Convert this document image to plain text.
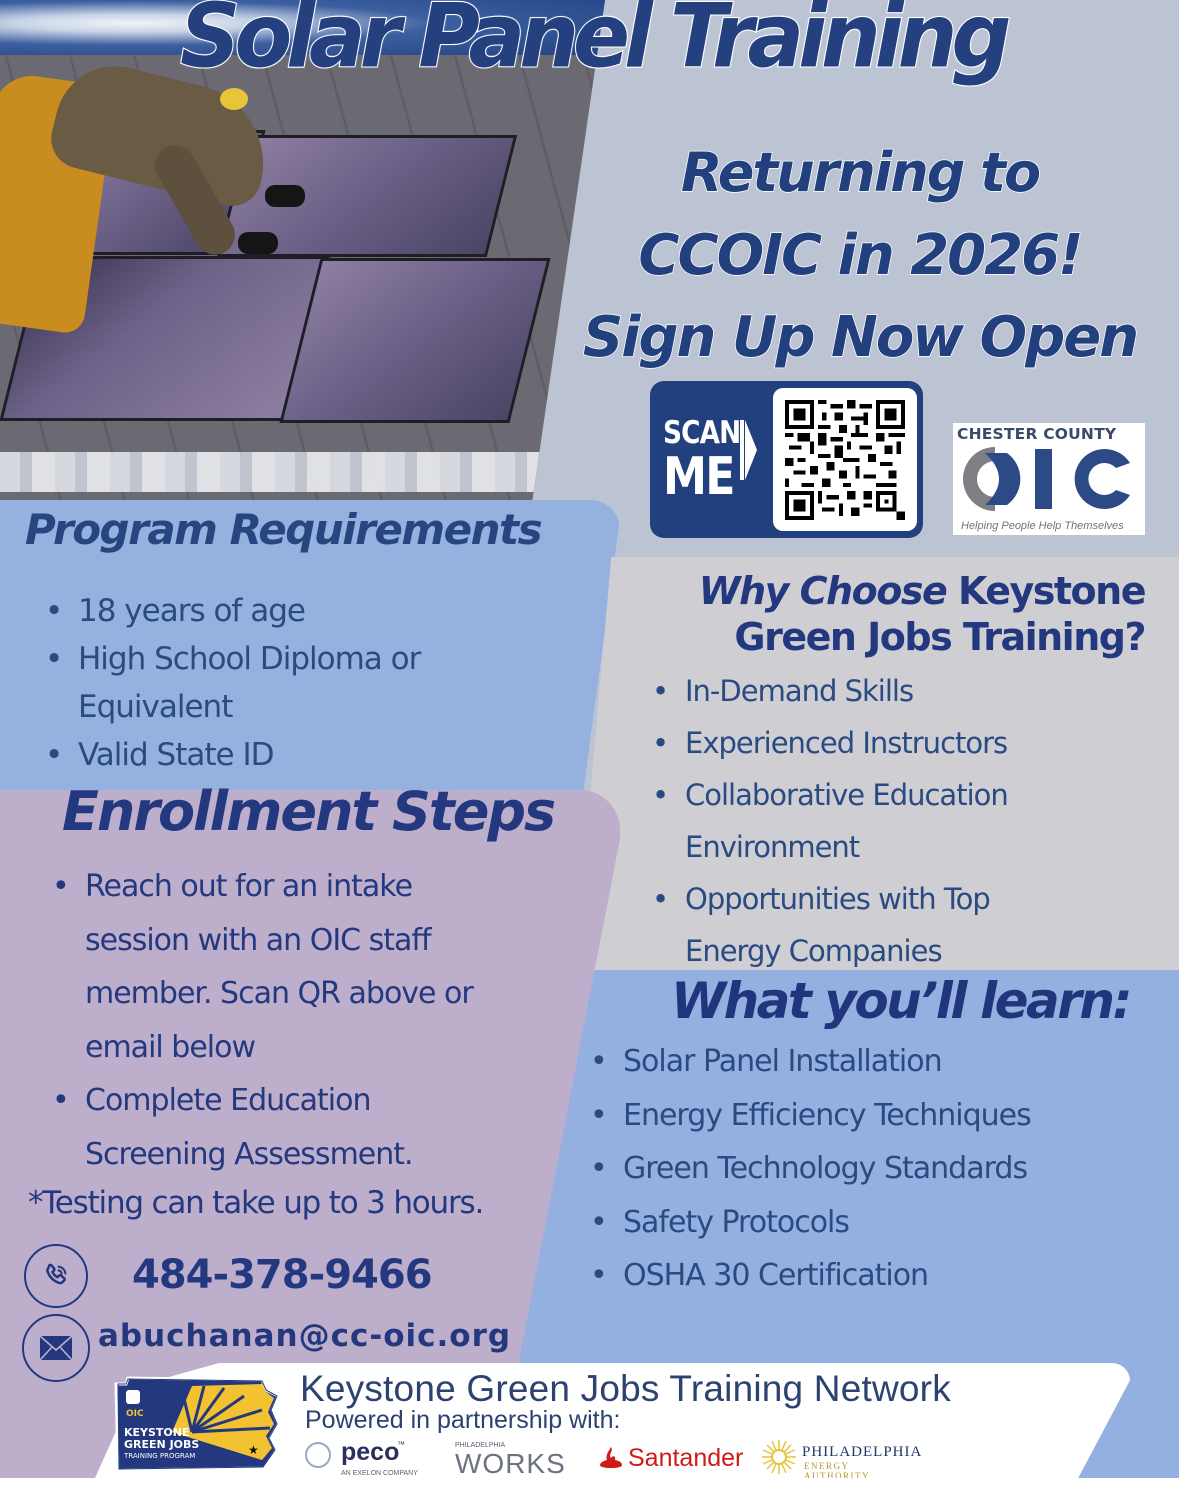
Solar Panel Training
Returning to
CCOIC in 2026!
Sign Up Now Open
SCAN
ME
CHESTER COUNTY
Helping People Help Themselves
Program Requirements
• 18 years of age
• High School Diploma or Equivalent
• Valid State ID
Why Choose Keystone Green Jobs Training?
• In-Demand Skills
• Experienced Instructors
• Collaborative Education Environment
• Opportunities with Top Energy Companies
What you’ll learn:
• Solar Panel Installation
• Energy Efficiency Techniques
• Green Technology Standards
• Safety Protocols
• OSHA 30 Certification
Enrollment Steps
• Reach out for an intake session with an OIC staff member. Scan QR above or email below
• Complete Education Screening Assessment.
*Testing can take up to 3 hours.
484-378-9466
abuchanan@cc-oic.org
OIC
KEYSTONE
GREEN JOBS
TRAINING PROGRAM	★
Keystone Green Jobs Training Network
Powered in partnership with:
peco
™
AN EXELON COMPANY
PHILADELPHIA
WORKS Santander	PHILADELPHIA
ENERGY AUTHORITY
